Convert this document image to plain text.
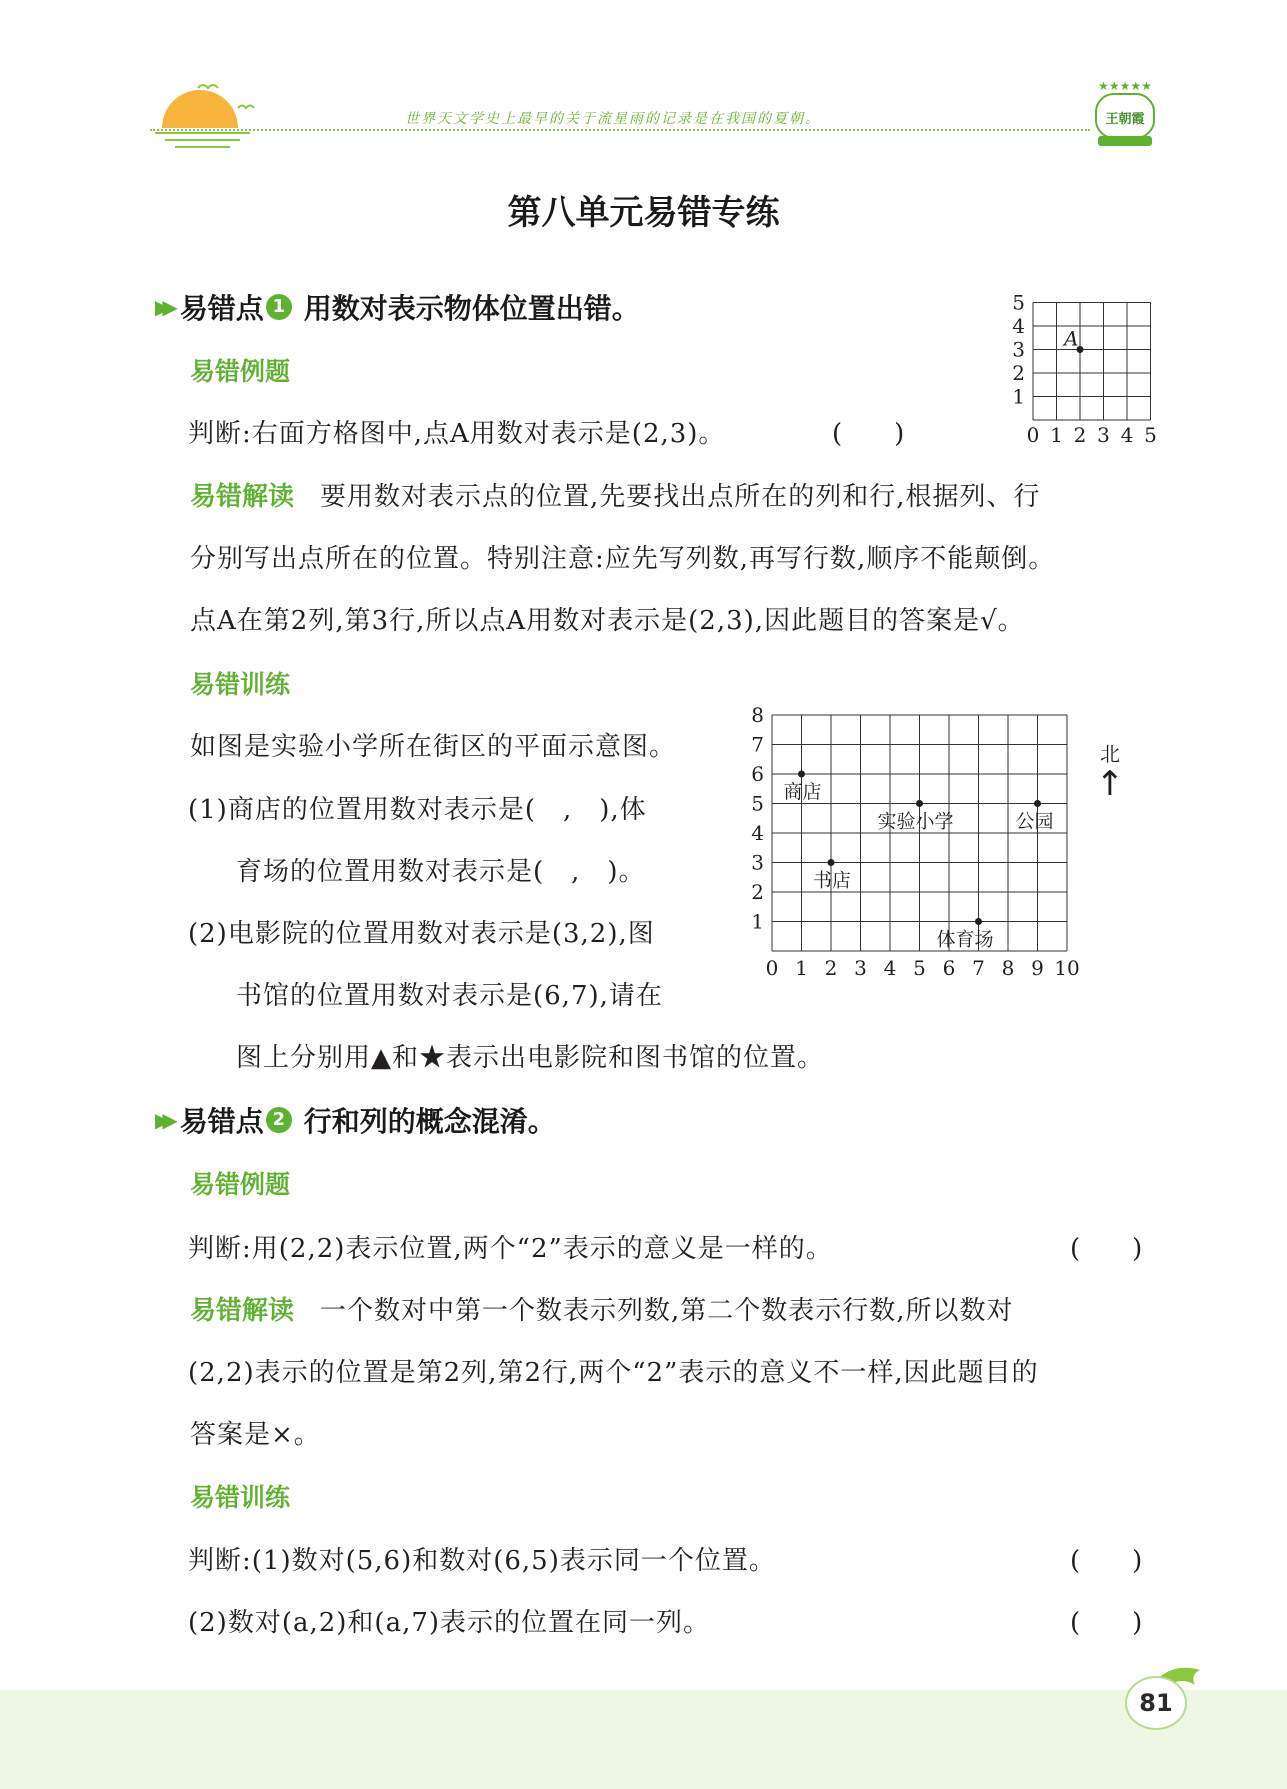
世界天文学史上最早的关于流星雨的记录是在我国的夏朝。
★★★★★
王朝霞
第八单元易错专练
▶▶ 易错点 1 用数对表示物体位置出错。
0 1 2 3 4 5
1
2
3
4
5
A
易错例题
判断:右面方格图中,点A用数对表示是(2,3)。	(　　)
易错解读 要用数对表示点的位置,先要找出点所在的列和行,根据列、行
分别写出点所在的位置。特别注意:应先写列数,再写行数,顺序不能颠倒。
点A在第2列,第3行,所以点A用数对表示是(2,3),因此题目的答案是√。
易错训练
如图是实验小学所在街区的平面示意图。
(1)商店的位置用数对表示是(　,　),体
育场的位置用数对表示是(　,　)。
(2)电影院的位置用数对表示是(3,2),图
书馆的位置用数对表示是(6,7),请在
图上分别用▲和★表示出电影院和图书馆的位置。
0 1 2 3 4 5 6 7 8 9 10
1
2
3
4
5
6
7
8
商店
实验小学	公园
书店
体育场
北
↑
▶▶ 易错点 2 行和列的概念混淆。
易错例题
判断:用(2,2)表示位置,两个“2”表示的意义是一样的。	(　　)
易错解读 一个数对中第一个数表示列数,第二个数表示行数,所以数对
(2,2)表示的位置是第2列,第2行,两个“2”表示的意义不一样,因此题目的
答案是×。
易错训练
判断:(1)数对(5,6)和数对(6,5)表示同一个位置。	(　　)
(2)数对(a,2)和(a,7)表示的位置在同一列。	(　　)
81
